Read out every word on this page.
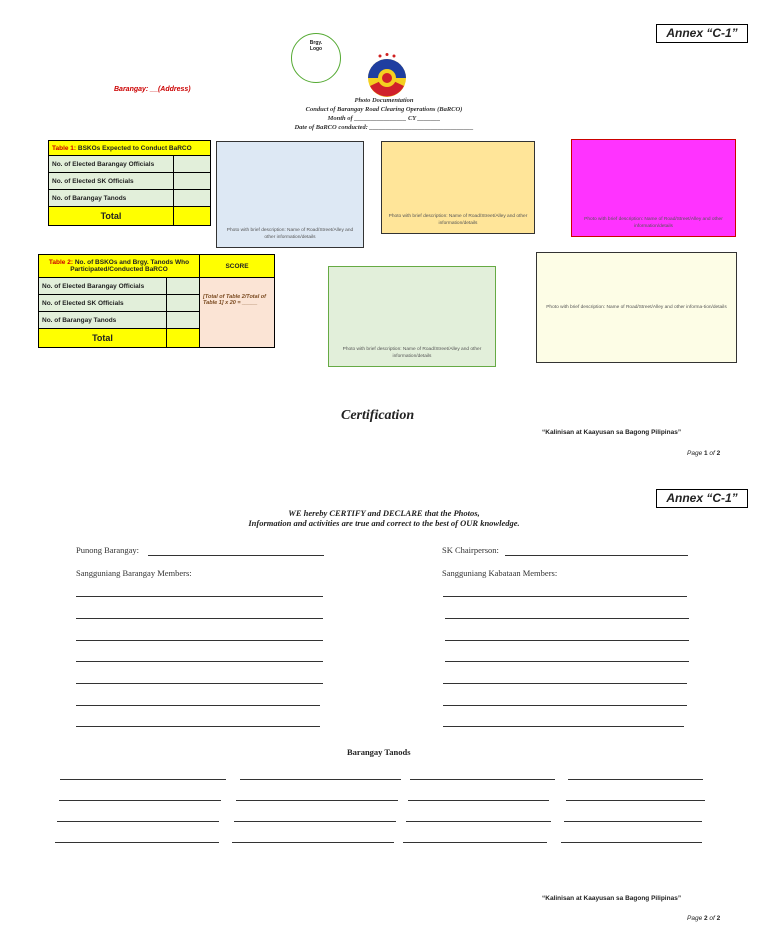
Annex “C-1”
Brgy. Logo
Barangay: __(Address)
Photo Documentation
Conduct of Barangay Road Clearing Operations (BaRCO)
Month of ________________ CY _______
Date of BaRCO conducted: ________________________________
Table 1: BSKOs Expected to Conduct BaRCO	
No. of Elected Barangay Officials	
No. of Elected SK Officials	
No. of Barangay Tanods	
Total	
Table 2: No. of BSKOs and Brgy. Tanods Who Participated/Conducted BaRCO		SCORE
No. of Elected Barangay Officials		[Total of Table 2/Total of Table 1] x 20 = _____
No. of Elected SK Officials		
No. of Barangay Tanods		
Total		
Photo with brief description: Name of Road/Street/Alley and other information/details
Photo with brief description: Name of Road/Street/Alley and other information/details
Photo with brief description: Name of Road/Street/Alley and other information/details
Photo with brief description: Name of Road/Street/Alley and other information/details
Photo with brief description: Name of Road/Street/Alley and other informa-tion/details
Certification
“Kalinisan at Kaayusan sa Bagong Pilipinas”
Page 1 of 2
Annex “C-1”
WE hereby CERTIFY and DECLARE that the Photos,
Information and activities are true and correct to the best of OUR knowledge.
Punong Barangay:	SK Chairperson:
Sangguniang Barangay Members:	Sangguniang Kabataan Members:
Barangay Tanods
“Kalinisan at Kaayusan sa Bagong Pilipinas”
Page 2 of 2
